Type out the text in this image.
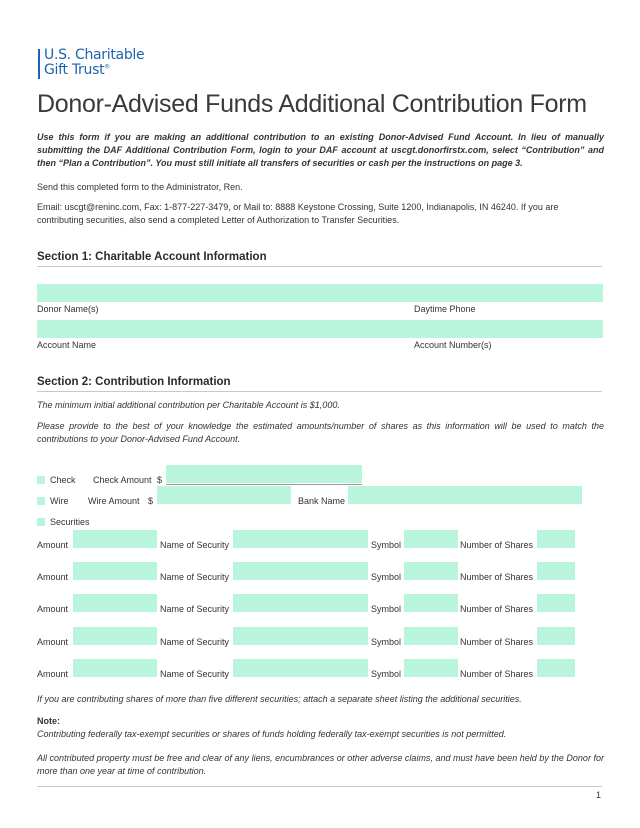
U.S. Charitable
Gift Trust®
Donor-Advised Funds Additional Contribution Form
Use this form if you are making an additional contribution to an existing Donor-Advised Fund Account. In lieu of manually submitting the DAF Additional Contribution Form, login to your DAF account at uscgt.donorfirstx.com, select “Contribution” and then “Plan a Contribution”. You must still initiate all transfers of securities or cash per the instructions on page 3.
Send this completed form to the Administrator, Ren.
Email: uscgt@reninc.com, Fax: 1-877-227-3479, or Mail to: 8888 Keystone Crossing, Suite 1200, Indianapolis, IN 46240. If you are contributing securities, also send a completed Letter of Authorization to Transfer Securities.
Section 1: Charitable Account Information
Donor Name(s)	Daytime Phone
Account Name	Account Number(s)
Section 2: Contribution Information
The minimum initial additional contribution per Charitable Account is $1,000.
Please provide to the best of your knowledge the estimated amounts/number of shares as this information will be used to match the contributions to your Donor-Advised Fund Account.
Check Check Amount $
Wire Wire Amount $	Bank Name
Securities
Amount	Name of Security	Symbol	Number of Shares
Amount	Name of Security	Symbol	Number of Shares
Amount	Name of Security	Symbol	Number of Shares
Amount	Name of Security	Symbol	Number of Shares
Amount	Name of Security	Symbol	Number of Shares
If you are contributing shares of more than five different securities; attach a separate sheet listing the additional securities.
Note:
Contributing federally tax-exempt securities or shares of funds holding federally tax-exempt securities is not permitted.
All contributed property must be free and clear of any liens, encumbrances or other adverse claims, and must have been held by the Donor for more than one year at time of contribution.
1
